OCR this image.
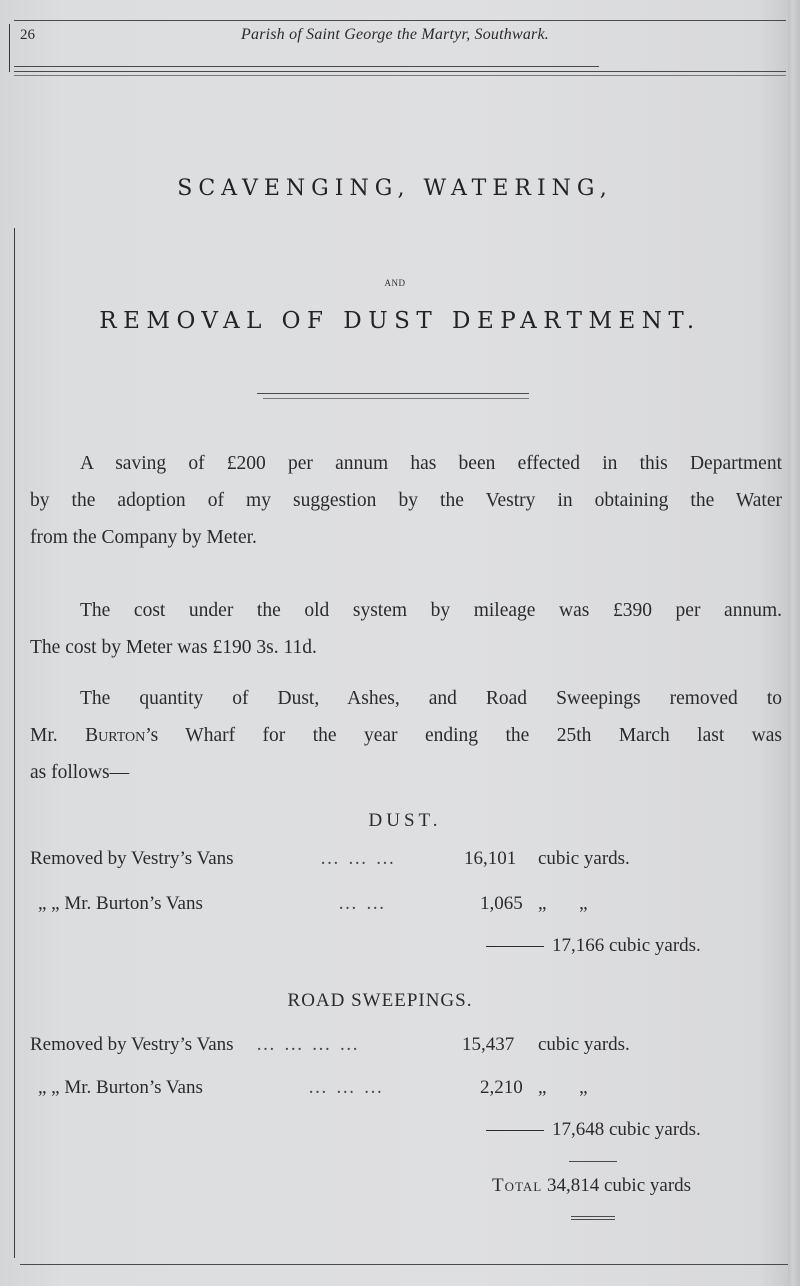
26	Parish of Saint George the Martyr, Southwark.
SCAVENGING, WATERING,
AND
REMOVAL OF DUST DEPARTMENT.
A saving of £200 per annum has been effected in this Department
by the adoption of my suggestion by the Vestry in obtaining the Water
from the Company by Meter.
The cost under the old system by mileage was £390 per annum.
The cost by Meter was £190 3s. 11d.
The quantity of Dust, Ashes, and Road Sweepings removed to
Mr. Burton’s Wharf for the year ending the 25th March last was
as follows—
DUST.
Removed by Vestry’s Vans	… … …	16,101 cubic yards.
„ „ Mr. Burton’s Vans	… …	1,065 „ „
17,166 cubic yards.
ROAD SWEEPINGS.
Removed by Vestry’s Vans … … … …	15,437 cubic yards.
„ „ Mr. Burton’s Vans	… … …	2,210 „ „
17,648 cubic yards.
Total 34,814 cubic yards
